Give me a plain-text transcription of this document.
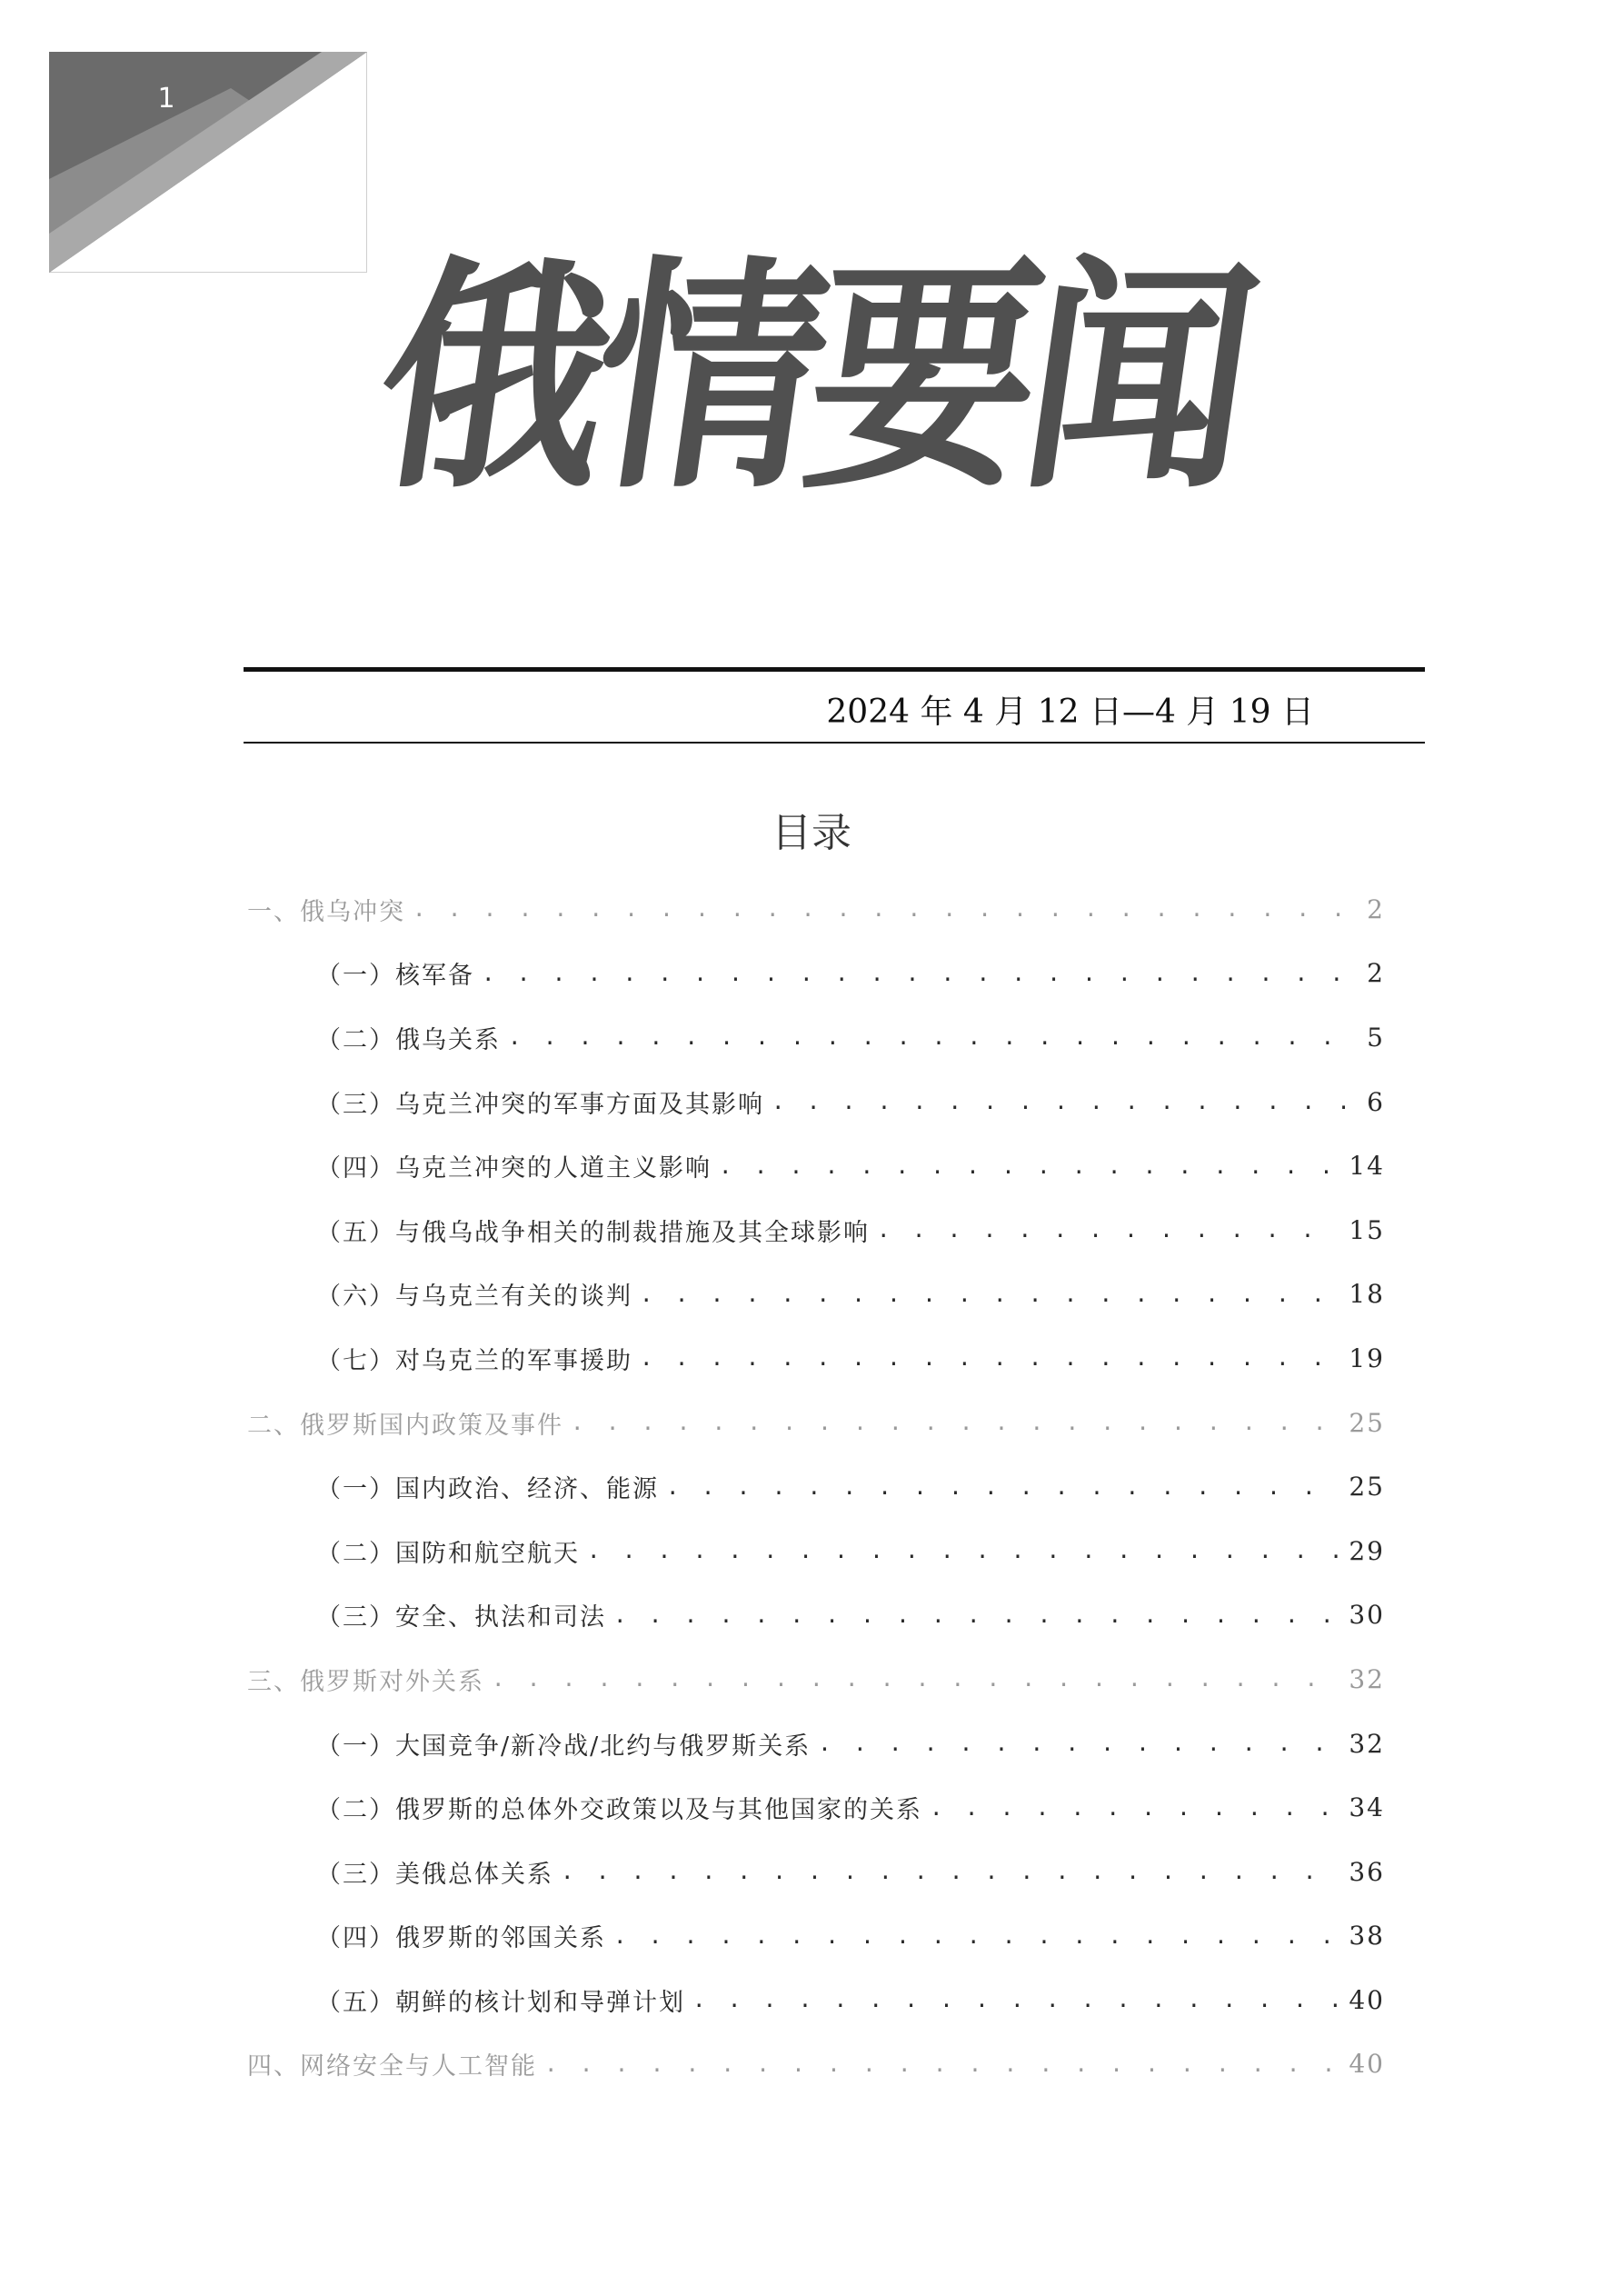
1
俄
情
要
闻
2024 年 4 月 12 日—4 月 19 日
目录
一、俄乌冲突 . . .	2
（一）核军备 . . .	2
（二）俄乌关系 . . .	5
（三）乌克兰冲突的军事方面及其影响 . . .	6
（四）乌克兰冲突的人道主义影响 . . .	14
（五）与俄乌战争相关的制裁措施及其全球影响 . . .	15
（六）与乌克兰有关的谈判 . . .	18
（七）对乌克兰的军事援助 . . .	19
二、俄罗斯国内政策及事件 . . .	25
（一）国内政治、经济、能源 . . .	25
（二）国防和航空航天 . . .	29
（三）安全、执法和司法 . . .	30
三、俄罗斯对外关系 . . .	32
（一）大国竞争/新冷战/北约与俄罗斯关系 . . .	32
（二）俄罗斯的总体外交政策以及与其他国家的关系 . . .	34
（三）美俄总体关系 . . .	36
（四）俄罗斯的邻国关系 . . .	38
（五）朝鲜的核计划和导弹计划 . . .	40
四、网络安全与人工智能 . . .	40
